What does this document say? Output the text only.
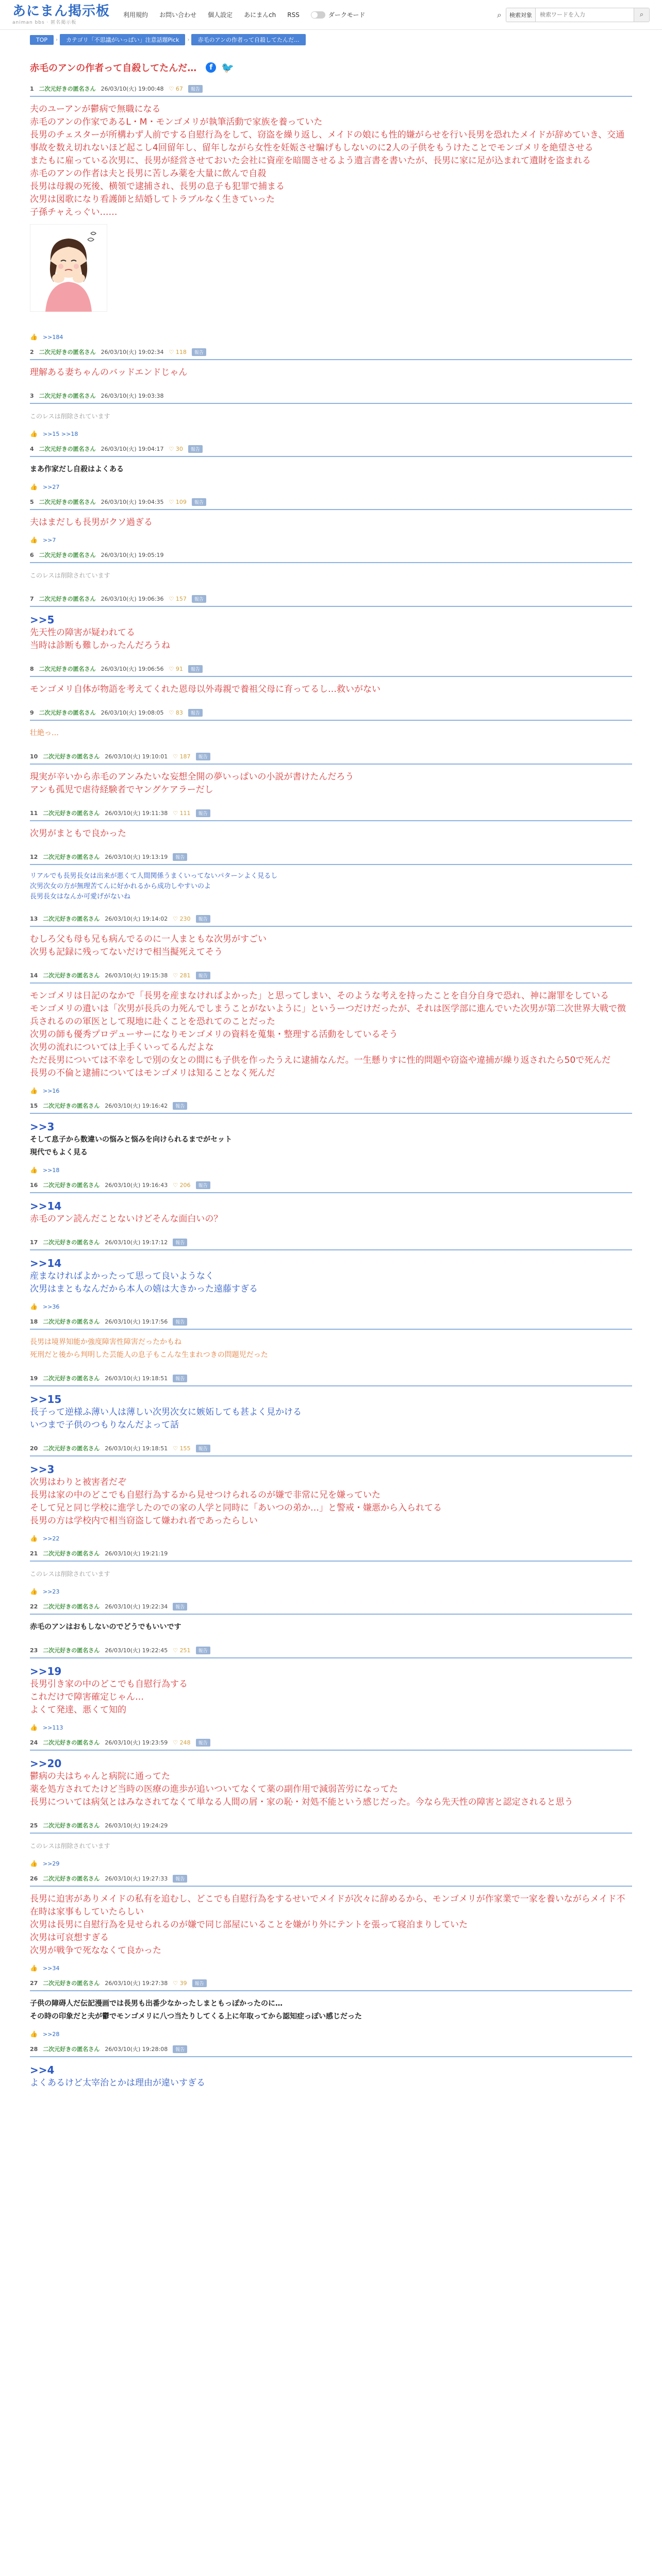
あにまん掲示板
animan bbs · 匿名掲示板
利用規約 お問い合わせ 個人設定 あにまんch RSS	ダークモード	⌕	検索対象
検索ワードを入力	⌕
TOP	›	カテゴリ「不思議がいっぱい」注意話題Pick	›	赤毛のアンの作者って自殺してたんだ...
赤毛のアンの作者って自殺してたんだ…	f 🐦
1 二次元好きの匿名さん 26/03/10(火) 19:00:48 ♡ 67	報告
夫のユーアンが鬱病で無職になる
赤毛のアンの作家であるL・M・モンゴメリが執筆活動で家族を養っていた
長男のチェスターが所構わず人前でする自慰行為をして、窃盗を繰り返し、メイドの娘にも性的嫌がらせを行い長男を恐れたメイドが辞めていき、交通事故を数え切れないほど起こし4回留年し、留年しながら女性を妊娠させ騙げもしないのに2人の子供をもうけたことでモンゴメリを絶望させる
またもに雇っている次男に、長男が経営させておいた会社に資産を暗闇させるよう遺言書を書いたが、長男に家に足が込まれて遺財を盗まれる
赤毛のアンの作者は夫と長男に苦しみ薬を大量に飲んで自殺
長男は母親の死後、横領で逮捕され、長男の息子も犯罪で捕まる
次男は図歌になり看護師と結婚してトラブルなく生きていった
子孫チャえっぐい……
👍 >>184
2 二次元好きの匿名さん 26/03/10(火) 19:02:34 ♡ 118	報告
理解ある妻ちゃんのバッドエンドじゃん
3 二次元好きの匿名さん 26/03/10(火) 19:03:38
このレスは削除されています
👍 >>15 >>18
4 二次元好きの匿名さん 26/03/10(火) 19:04:17 ♡ 30	報告
まあ作家だし自殺はよくある
👍 >>27
5 二次元好きの匿名さん 26/03/10(火) 19:04:35 ♡ 109	報告
夫はまだしも長男がクソ過ぎる
👍 >>7
6 二次元好きの匿名さん 26/03/10(火) 19:05:19
このレスは削除されています
7 二次元好きの匿名さん 26/03/10(火) 19:06:36 ♡ 157	報告
>>5
先天性の障害が疑われてる
当時は診断も難しかったんだろうね
8 二次元好きの匿名さん 26/03/10(火) 19:06:56 ♡ 91	報告
モンゴメリ自体が物語を考えてくれた恩母以外毒親で養祖父母に育ってるし…救いがない
9 二次元好きの匿名さん 26/03/10(火) 19:08:05 ♡ 83	報告
壮絶っ…
10 二次元好きの匿名さん 26/03/10(火) 19:10:01 ♡ 187	報告
現実が辛いから赤毛のアンみたいな妄想全開の夢いっぱいの小説が書けたんだろう
アンも孤児で虐待経験者でヤングケアラーだし
11 二次元好きの匿名さん 26/03/10(火) 19:11:38 ♡ 111	報告
次男がまともで良かった
12 二次元好きの匿名さん 26/03/10(火) 19:13:19	報告
リアルでも長男長女は出来が悪くて人間関係うまくいってないパターンよく見るし
次男次女の方が無理苦てんに好かれるから成功しやすいのよ
長男長女はなんか可愛げがないね
13 二次元好きの匿名さん 26/03/10(火) 19:14:02 ♡ 230	報告
むしろ父も母も兄も病んでるのに一人まともな次男がすごい
次男も記録に残ってないだけで相当擬死えてそう
14 二次元好きの匿名さん 26/03/10(火) 19:15:38 ♡ 281	報告
モンゴメリは日記のなかで「長男を産まなければよかった」と思ってしまい、そのような考えを持ったことを自分自身で恐れ、神に謝罪をしている
モンゴメリの遺いは「次男が長兵の力死んでしまうことがないように」というーつだけだったが、それは医学部に進んでいた次男が第二次世界大戦で徴兵されるのの軍医として現地に赴くことを恐れてのことだった
次男の師も優秀プロデューサーになりモンゴメリの資料を蒐集・整理する活動をしているそう
次男の流れについては上手くいってるんだよな
ただ長男については不幸をしで別の女との間にも子供を作ったうえに逮捕なんだ。一生懸りすに性的問題や窃盗や違捕が繰り返されたら50で死んだ
長男の不倫と逮捕についてはモンゴメリは知ることなく死んだ
👍 >>16
15 二次元好きの匿名さん 26/03/10(火) 19:16:42	報告
>>3
そして息子から数違いの悩みと悩みを向けられるまでがセット
現代でもよく見る
👍 >>18
16 二次元好きの匿名さん 26/03/10(火) 19:16:43 ♡ 206	報告
>>14
赤毛のアン読んだことないけどそんな面白いの？
17 二次元好きの匿名さん 26/03/10(火) 19:17:12	報告
>>14
産まなければよかったって思って良いようなく
次男はまともなんだから本人の嬉は大きかった遠藤すぎる
👍 >>36
18 二次元好きの匿名さん 26/03/10(火) 19:17:56	報告
長男は境界知能か強度障害性障害だったかもね
死刑だと後から判明した芸能人の息子もこんな生まれつきの問題児だった
19 二次元好きの匿名さん 26/03/10(火) 19:18:51	報告
>>15
長子って逆様ふ薄い人は薄しい次男次女に嫉妬しても甚よく見かける
いつまで子供のつもりなんだよって話
20 二次元好きの匿名さん 26/03/10(火) 19:18:51 ♡ 155	報告
>>3
次男はわりと被害者だぞ
長男は家の中のどこでも自慰行為するから見せつけられるのが嫌で非常に兄を嫌っていた
そして兄と同じ学校に進学したのでの家の人学と同時に「あいつの弟か…」と警戒・嫌悪から入られてる
長男の方は学校内で相当窃盗して嫌われ者であったらしい
👍 >>22
21 二次元好きの匿名さん 26/03/10(火) 19:21:19
このレスは削除されています
👍 >>23
22 二次元好きの匿名さん 26/03/10(火) 19:22:34	報告
赤毛のアンはおもしないのでどうでもいいです
23 二次元好きの匿名さん 26/03/10(火) 19:22:45 ♡ 251	報告
>>19
長男引き家の中のどこでも自慰行為する
これだけで障害確定じゃん…
よくて発達、悪くて知的
👍 >>113
24 二次元好きの匿名さん 26/03/10(火) 19:23:59 ♡ 248	報告
>>20
鬱病の夫はちゃんと病院に通ってた
薬を処方されてたけど当時の医療の進歩が追いついてなくて薬の副作用で減弱苦労になってた
長男については病気とはみなされてなくて単なる人間の屑・家の恥・対処不能という感じだった。今なら先天性の障害と認定されると思う
25 二次元好きの匿名さん 26/03/10(火) 19:24:29
このレスは削除されています
👍 >>29
26 二次元好きの匿名さん 26/03/10(火) 19:27:33	報告
長男に迫害がありメイドの私有を追むし、どこでも自慰行為をするせいでメイドが次々に辞めるから、モンゴメリが作家業で一家を養いながらメイド不在時は家事もしていたらしい
次男は長男に自慰行為を見せられるのが嫌で同じ部屋にいることを嫌がり外にテントを張って寝泊まりしていた
次男は可哀想すぎる
次男が戦争で死ななくて良かった
👍 >>34
27 二次元好きの匿名さん 26/03/10(火) 19:27:38 ♡ 39	報告
子供の障碍人だ伝記漫画では長男も出番少なかったしまともっぽかったのに…
その時の印象だと夫が鬱でモンゴメリに八つ当たりしてくる上に年取ってから認知症っぽい感じだった
👍 >>28
28 二次元好きの匿名さん 26/03/10(火) 19:28:08	報告
>>4
よくあるけど太宰治とかは理由が違いすぎる
